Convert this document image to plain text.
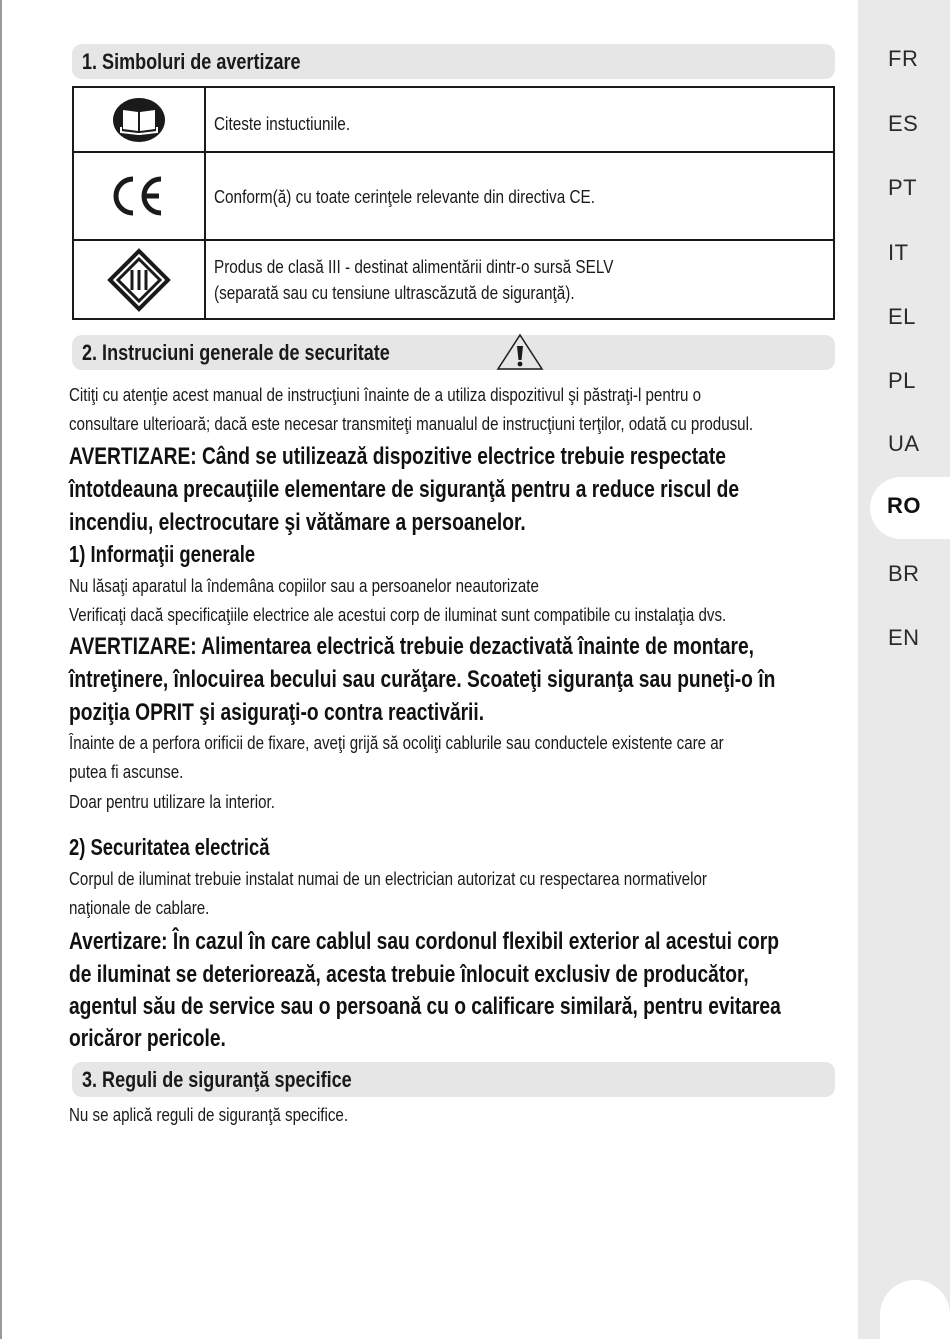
FR
ES
PT
IT
EL
PL
UA
RO
BR
EN
1. Simboluri de avertizare
Citeste instuctiunile.
Conform(ă) cu toate cerinţele relevante din directiva CE.
Produs de clasă III - destinat alimentării dintr-o sursă SELV
(separată sau cu tensiune ultrascăzută de siguranţă).
2. Instruciuni generale de securitate
Citiţi cu atenţie acest manual de instrucţiuni înainte de a utiliza dispozitivul şi păstraţi-l pentru o
consultare ulterioară; dacă este necesar transmiteţi manualul de instrucţiuni terţilor, odată cu produsul.
AVERTIZARE: Când se utilizează dispozitive electrice trebuie respectate
întotdeauna precauţiile elementare de siguranţă pentru a reduce riscul de
incendiu, electrocutare şi vătămare a persoanelor.
1) Informaţii generale
Nu lăsaţi aparatul la îndemâna copiilor sau a persoanelor neautorizate
Verificaţi dacă specificaţiile electrice ale acestui corp de iluminat sunt compatibile cu instalaţia dvs.
AVERTIZARE: Alimentarea electrică trebuie dezactivată înainte de montare,
întreţinere, înlocuirea becului sau curăţare. Scoateţi siguranţa sau puneţi-o în
poziţia OPRIT şi asiguraţi-o contra reactivării.
Înainte de a perfora orificii de fixare, aveţi grijă să ocoliţi cablurile sau conductele existente care ar
putea fi ascunse.
Doar pentru utilizare la interior.
2) Securitatea electrică
Corpul de iluminat trebuie instalat numai de un electrician autorizat cu respectarea normativelor
naţionale de cablare.
Avertizare: În cazul în care cablul sau cordonul flexibil exterior al acestui corp
de iluminat se deteriorează, acesta trebuie înlocuit exclusiv de producător,
agentul său de service sau o persoană cu o calificare similară, pentru evitarea
oricăror pericole.
3. Reguli de siguranţă specifice
Nu se aplică reguli de siguranţă specifice.
